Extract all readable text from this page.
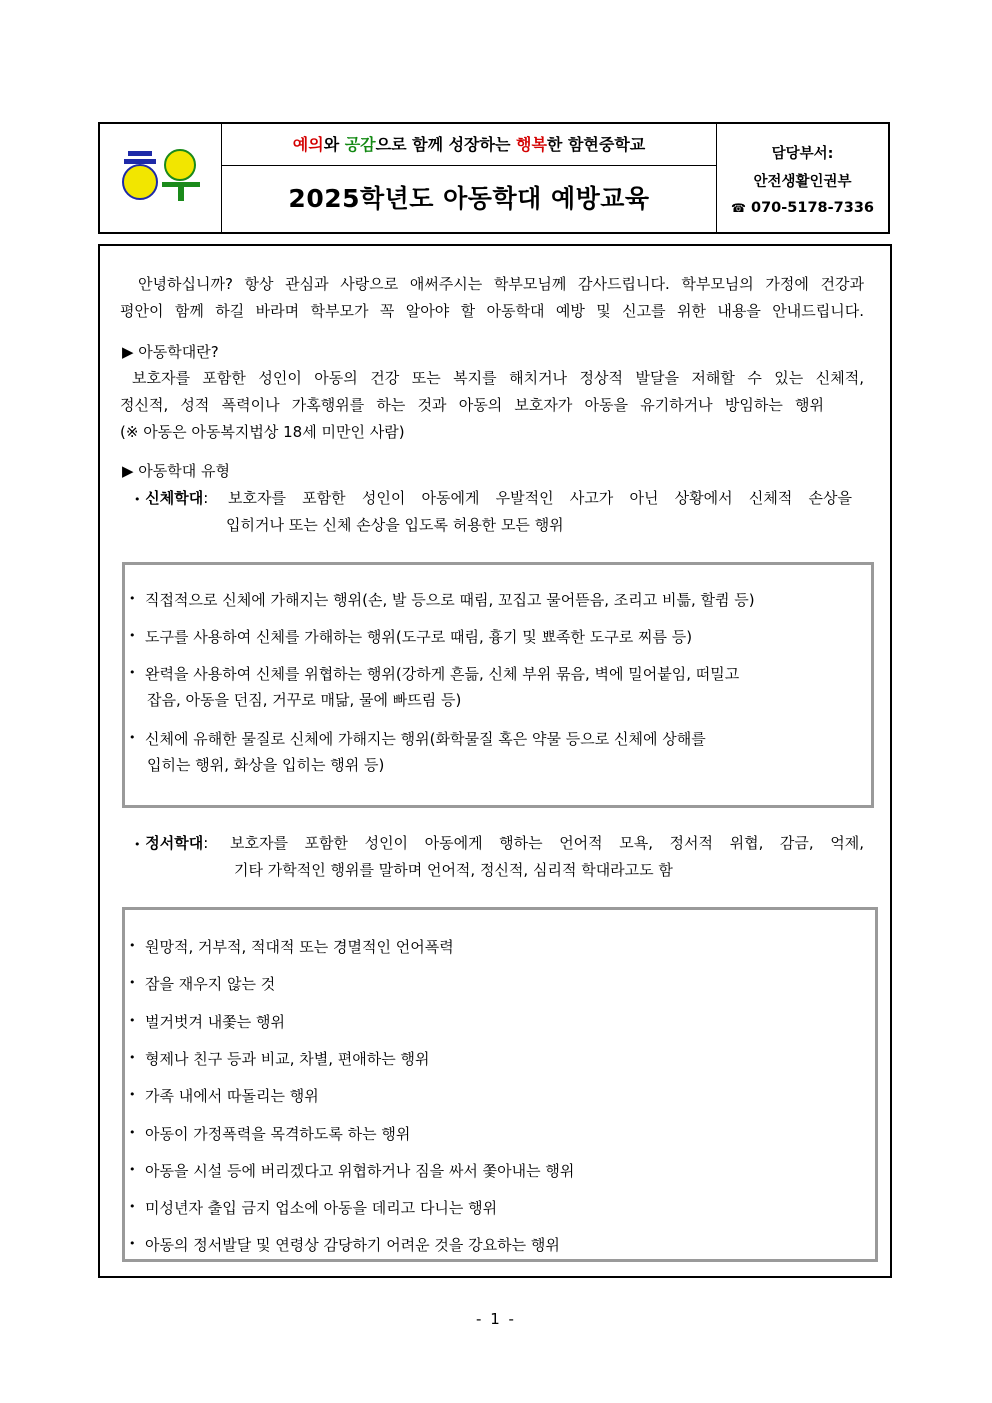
예의와 공감으로 함께 성장하는 행복한 함현중학교
2025학년도 아동학대 예방교육
담당부서:
안전생활인권부
☎ 070-5178-7336
안녕하십니까? 항상 관심과 사랑으로 애써주시는 학부모님께 감사드립니다. 학부모님의 가정에 건강과
평안이 함께 하길 바라며 학부모가 꼭 알아야 할 아동학대 예방 및 신고를 위한 내용을 안내드립니다.
▶ 아동학대란?
보호자를 포함한 성인이 아동의 건강 또는 복지를 해치거나 정상적 발달을 저해할 수 있는 신체적,
정신적, 성적 폭력이나 가혹행위를 하는 것과 아동의 보호자가 아동을 유기하거나 방임하는 행위
(※ 아동은 아동복지법상 18세 미만인 사람)
▶ 아동학대 유형
• 신체학대: 보호자를 포함한 성인이 아동에게 우발적인 사고가 아닌 상황에서 신체적 손상을
입히거나 또는 신체 손상을 입도록 허용한 모든 행위
• 직접적으로 신체에 가해지는 행위(손, 발 등으로 때림, 꼬집고 물어뜯음, 조리고 비틂, 할큄 등)
• 도구를 사용하여 신체를 가해하는 행위(도구로 때림, 흉기 및 뾰족한 도구로 찌름 등)
• 완력을 사용하여 신체를 위협하는 행위(강하게 흔듦, 신체 부위 묶음, 벽에 밀어붙임, 떠밀고
잡음, 아동을 던짐, 거꾸로 매닮, 물에 빠뜨림 등)
• 신체에 유해한 물질로 신체에 가해지는 행위(화학물질 혹은 약물 등으로 신체에 상해를
입히는 행위, 화상을 입히는 행위 등)
• 정서학대: 보호자를 포함한 성인이 아동에게 행하는 언어적 모욕, 정서적 위협, 감금, 억제,
기타 가학적인 행위를 말하며 언어적, 정신적, 심리적 학대라고도 함
• 원망적, 거부적, 적대적 또는 경멸적인 언어폭력
• 잠을 재우지 않는 것
• 벌거벗겨 내쫓는 행위
• 형제나 친구 등과 비교, 차별, 편애하는 행위
• 가족 내에서 따돌리는 행위
• 아동이 가정폭력을 목격하도록 하는 행위
• 아동을 시설 등에 버리겠다고 위협하거나 짐을 싸서 쫓아내는 행위
• 미성년자 출입 금지 업소에 아동을 데리고 다니는 행위
• 아동의 정서발달 및 연령상 감당하기 어려운 것을 강요하는 행위
- 1 -
